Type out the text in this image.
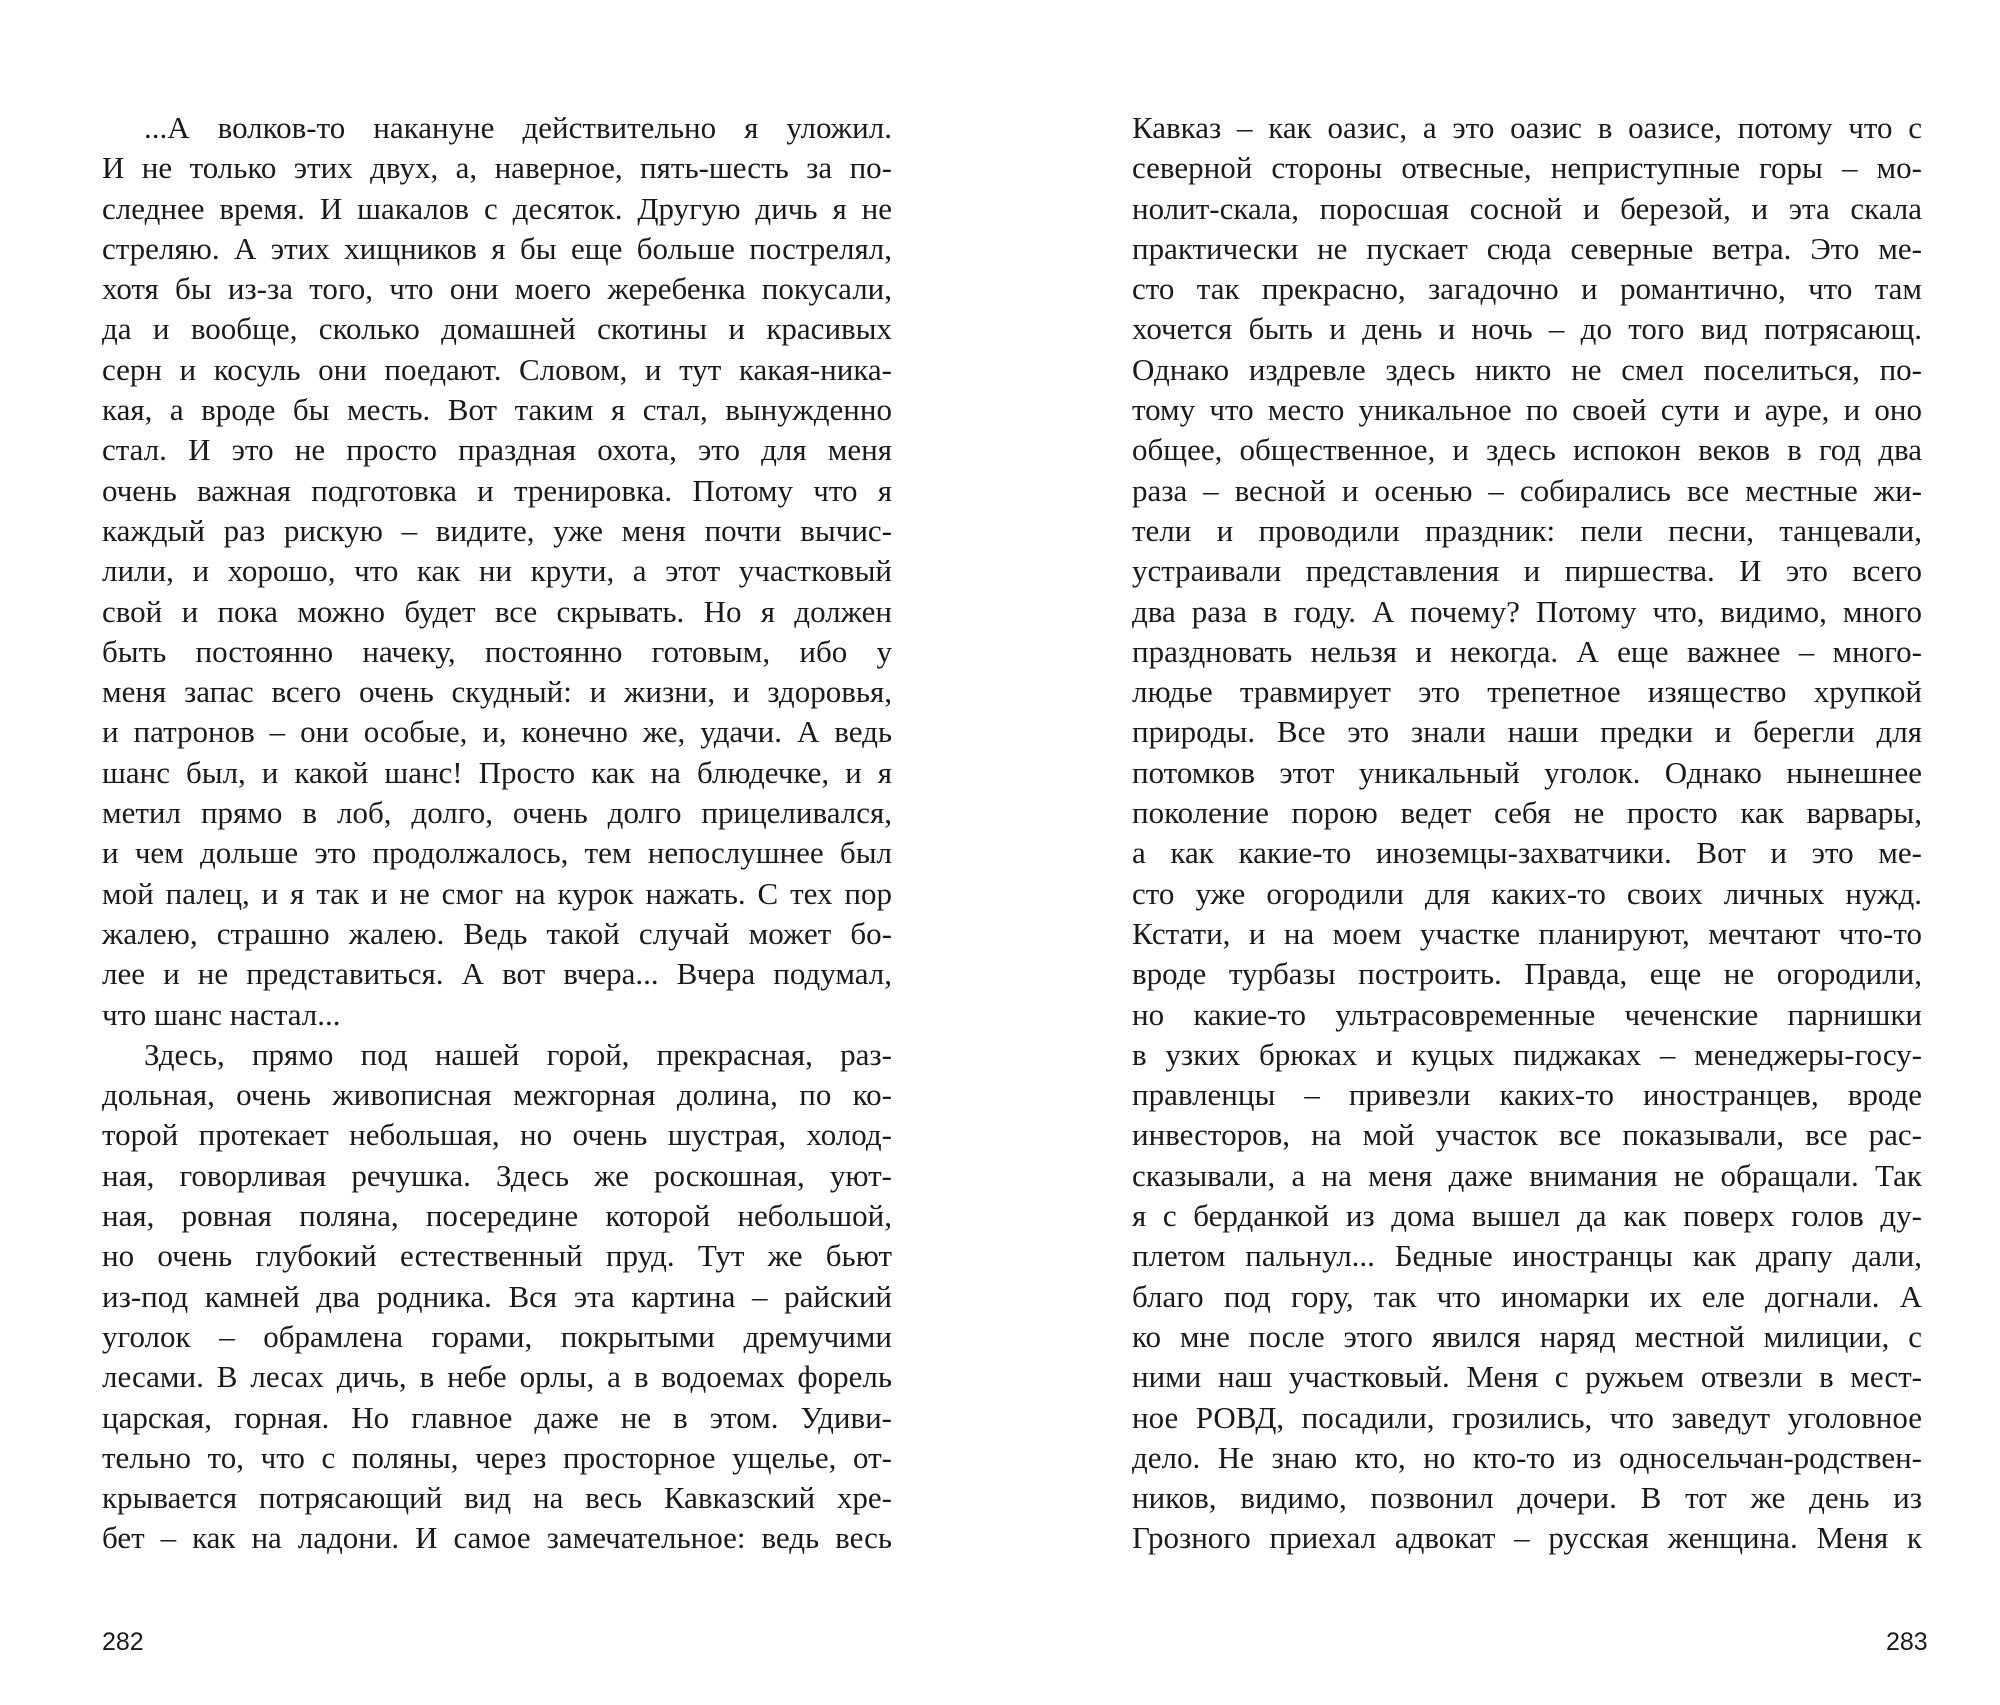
...А волков-то накануне действительно я уложил.
И не только этих двух, а, наверное, пять-шесть за по-
следнее время. И шакалов с десяток. Другую дичь я не
стреляю. А этих хищников я бы еще больше пострелял,
хотя бы из-за того, что они моего жеребенка покусали,
да и вообще, сколько домашней скотины и красивых
серн и косуль они поедают. Словом, и тут какая-ника-
кая, а вроде бы месть. Вот таким я стал, вынужденно
стал. И это не просто праздная охота, это для меня
очень важная подготовка и тренировка. Потому что я
каждый раз рискую – видите, уже меня почти вычис-
лили, и хорошо, что как ни крути, а этот участковый
свой и пока можно будет все скрывать. Но я должен
быть постоянно начеку, постоянно готовым, ибо у
меня запас всего очень скудный: и жизни, и здоровья,
и патронов – они особые, и, конечно же, удачи. А ведь
шанс был, и какой шанс! Просто как на блюдечке, и я
метил прямо в лоб, долго, очень долго прицеливался,
и чем дольше это продолжалось, тем непослушнее был
мой палец, и я так и не смог на курок нажать. С тех пор
жалею, страшно жалею. Ведь такой случай может бо-
лее и не представиться. А вот вчера... Вчера подумал,
что шанс настал...
Здесь, прямо под нашей горой, прекрасная, раз-
дольная, очень живописная межгорная долина, по ко-
торой протекает небольшая, но очень шустрая, холод-
ная, говорливая речушка. Здесь же роскошная, уют-
ная, ровная поляна, посередине которой небольшой,
но очень глубокий естественный пруд. Тут же бьют
из-под камней два родника. Вся эта картина – райский
уголок – обрамлена горами, покрытыми дремучими
лесами. В лесах дичь, в небе орлы, а в водоемах форель
царская, горная. Но главное даже не в этом. Удиви-
тельно то, что с поляны, через просторное ущелье, от-
крывается потрясающий вид на весь Кавказский хре-
бет – как на ладони. И самое замечательное: ведь весь
282
Кавказ – как оазис, а это оазис в оазисе, потому что с
северной стороны отвесные, неприступные горы – мо-
нолит-скала, поросшая сосной и березой, и эта скала
практически не пускает сюда северные ветра. Это ме-
сто так прекрасно, загадочно и романтично, что там
хочется быть и день и ночь – до того вид потрясающ.
Однако издревле здесь никто не смел поселиться, по-
тому что место уникальное по своей сути и ауре, и оно
общее, общественное, и здесь испокон веков в год два
раза – весной и осенью – собирались все местные жи-
тели и проводили праздник: пели песни, танцевали,
устраивали представления и пиршества. И это всего
два раза в году. А почему? Потому что, видимо, много
праздновать нельзя и некогда. А еще важнее – много-
людье травмирует это трепетное изящество хрупкой
природы. Все это знали наши предки и берегли для
потомков этот уникальный уголок. Однако нынешнее
поколение порою ведет себя не просто как варвары,
а как какие-то иноземцы-захватчики. Вот и это ме-
сто уже огородили для каких-то своих личных нужд.
Кстати, и на моем участке планируют, мечтают что-то
вроде турбазы построить. Правда, еще не огородили,
но какие-то ультрасовременные чеченские парнишки
в узких брюках и куцых пиджаках – менеджеры-госу-
правленцы – привезли каких-то иностранцев, вроде
инвесторов, на мой участок все показывали, все рас-
сказывали, а на меня даже внимания не обращали. Так
я с берданкой из дома вышел да как поверх голов ду-
плетом пальнул... Бедные иностранцы как драпу дали,
благо под гору, так что иномарки их еле догнали. А
ко мне после этого явился наряд местной милиции, с
ними наш участковый. Меня с ружьем отвезли в мест-
ное РОВД, посадили, грозились, что заведут уголовное
дело. Не знаю кто, но кто-то из односельчан-родствен-
ников, видимо, позвонил дочери. В тот же день из
Грозного приехал адвокат – русская женщина. Меня к
283
